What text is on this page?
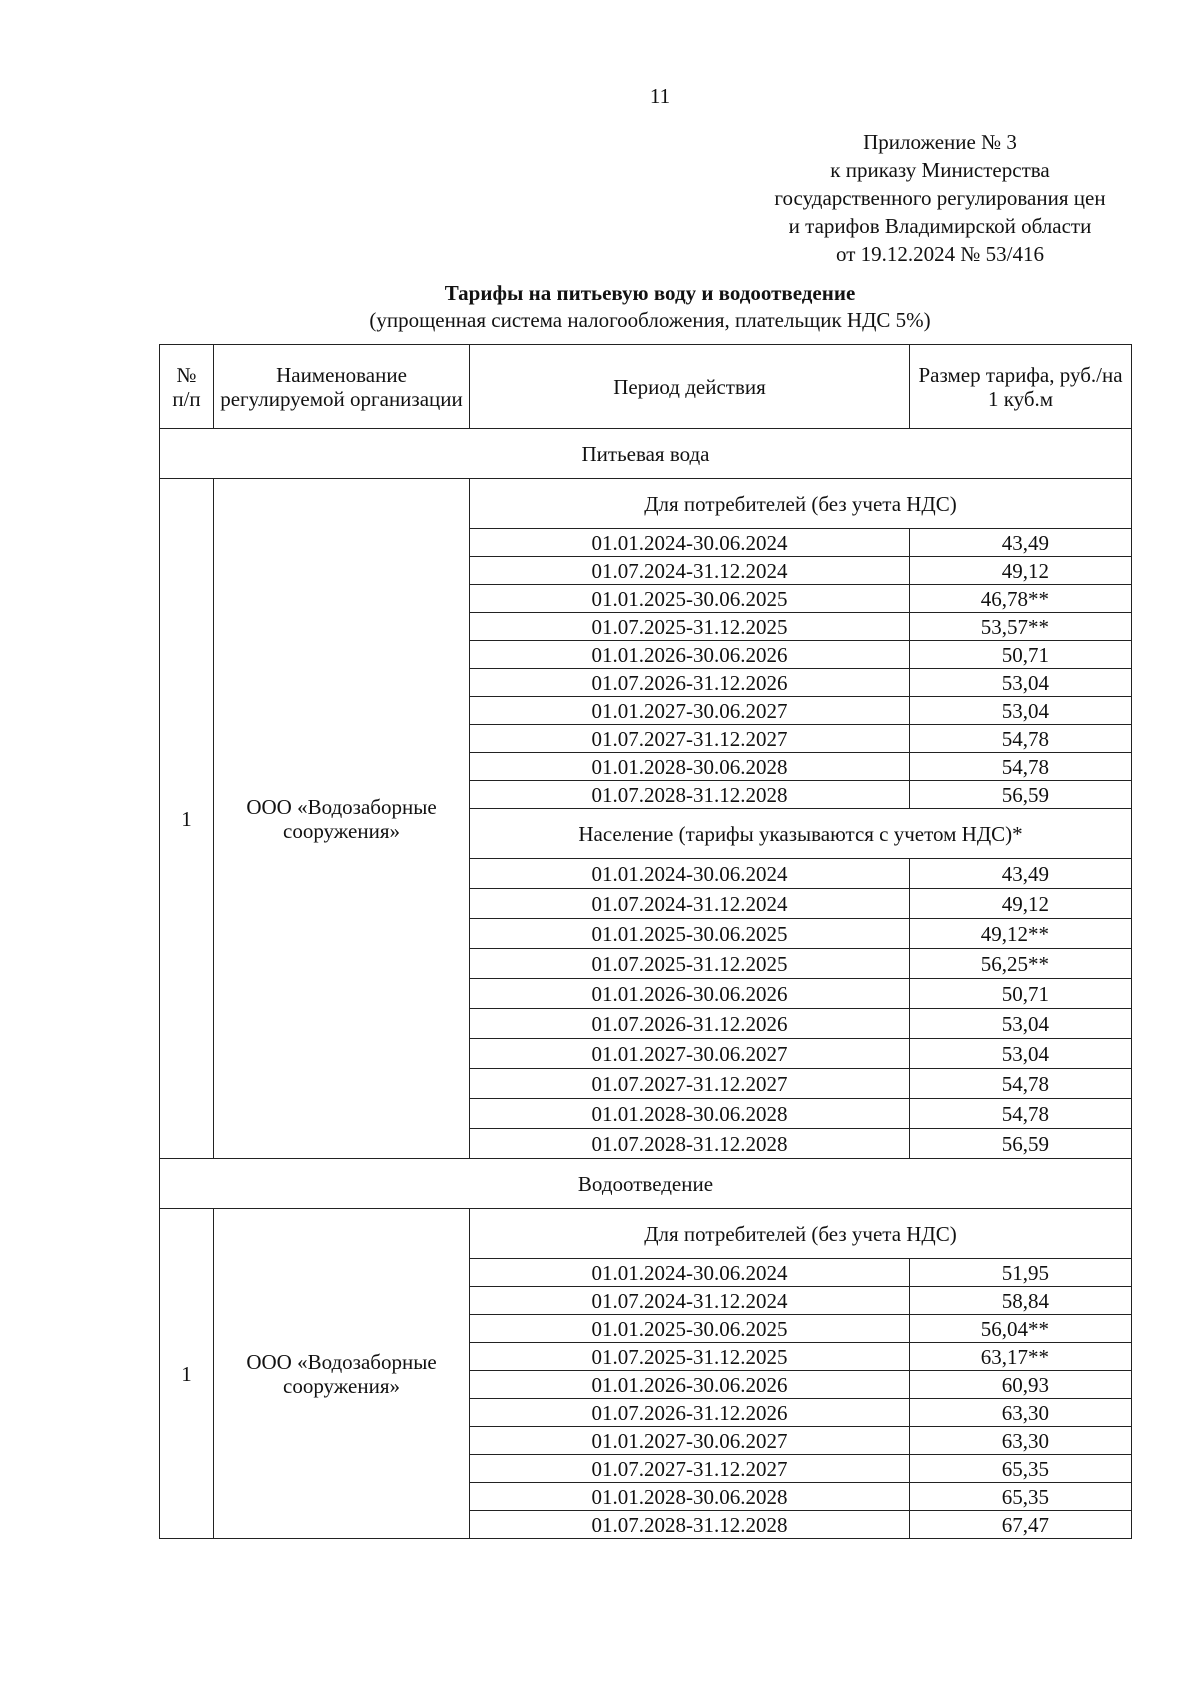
11
Приложение № 3
к приказу Министерства
государственного регулирования цен
и тарифов Владимирской области
от 19.12.2024 № 53/416
Тарифы на питьевую воду и водоотведение
(упрощенная система налогообложения, плательщик НДС 5%)
№ п/п	Наименование регулируемой организации	Период действия	Размер тарифа, руб./на 1 куб.м
Питьевая вода			
1	ООО «Водозаборные сооружения»	Для потребителей (без учета НДС)	
		01.01.2024-30.06.2024	43,49
		01.07.2024-31.12.2024	49,12
		01.01.2025-30.06.2025	46,78**
		01.07.2025-31.12.2025	53,57**
		01.01.2026-30.06.2026	50,71
		01.07.2026-31.12.2026	53,04
		01.01.2027-30.06.2027	53,04
		01.07.2027-31.12.2027	54,78
		01.01.2028-30.06.2028	54,78
		01.07.2028-31.12.2028	56,59
		Население (тарифы указываются с учетом НДС)*	
		01.01.2024-30.06.2024	43,49
		01.07.2024-31.12.2024	49,12
		01.01.2025-30.06.2025	49,12**
		01.07.2025-31.12.2025	56,25**
		01.01.2026-30.06.2026	50,71
		01.07.2026-31.12.2026	53,04
		01.01.2027-30.06.2027	53,04
		01.07.2027-31.12.2027	54,78
		01.01.2028-30.06.2028	54,78
		01.07.2028-31.12.2028	56,59
Водоотведение			
1	ООО «Водозаборные сооружения»	Для потребителей (без учета НДС)	
		01.01.2024-30.06.2024	51,95
		01.07.2024-31.12.2024	58,84
		01.01.2025-30.06.2025	56,04**
		01.07.2025-31.12.2025	63,17**
		01.01.2026-30.06.2026	60,93
		01.07.2026-31.12.2026	63,30
		01.01.2027-30.06.2027	63,30
		01.07.2027-31.12.2027	65,35
		01.01.2028-30.06.2028	65,35
		01.07.2028-31.12.2028	67,47
